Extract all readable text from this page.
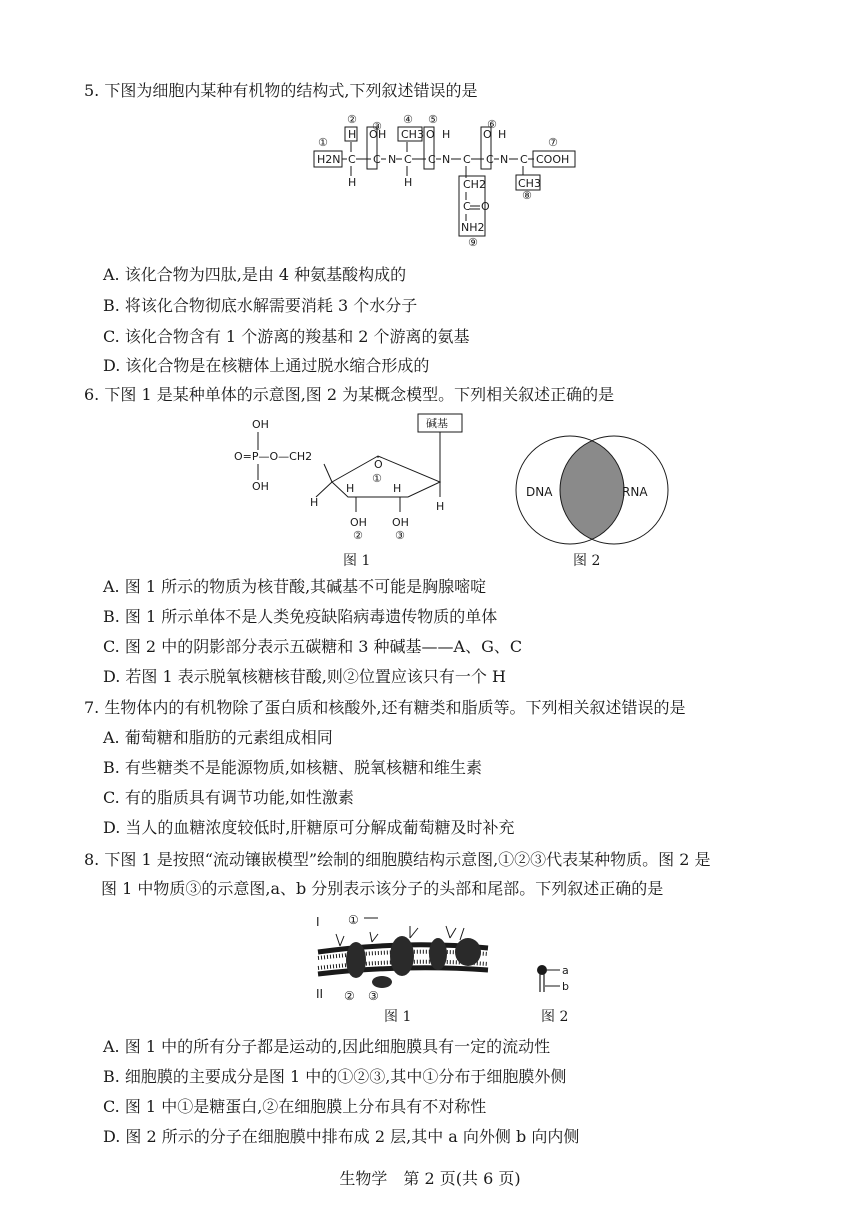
5. 下图为细胞内某种有机物的结构式,下列叙述错误的是
①
②
③
④ ⑤	⑥
⑦
⑧
⑨
H2N C C N C C N C C N C COOH
H O H CH3 O H	O H
H	H	CH3
CH2
C O
NH2
A. 该化合物为四肽,是由 4 种氨基酸构成的
B. 将该化合物彻底水解需要消耗 3 个水分子
C. 该化合物含有 1 个游离的羧基和 2 个游离的氨基
D. 该化合物是在核糖体上通过脱水缩合形成的
6. 下图 1 是某种单体的示意图,图 2 为某概念模型。下列相关叙述正确的是
OH
O=P—O—CH2
OH
碱基
O
①
H
H	H
H
OH OH
②	③
DNA	RNA
图 1	图 2
A. 图 1 所示的物质为核苷酸,其碱基不可能是胸腺嘧啶
B. 图 1 所示单体不是人类免疫缺陷病毒遗传物质的单体
C. 图 2 中的阴影部分表示五碳糖和 3 种碱基——A、G、C
D. 若图 1 表示脱氧核糖核苷酸,则②位置应该只有一个 H
7. 生物体内的有机物除了蛋白质和核酸外,还有糖类和脂质等。下列相关叙述错误的是
A. 葡萄糖和脂肪的元素组成相同
B. 有些糖类不是能源物质,如核糖、脱氧核糖和维生素
C. 有的脂质具有调节功能,如性激素
D. 当人的血糖浓度较低时,肝糖原可分解成葡萄糖及时补充
8. 下图 1 是按照“流动镶嵌模型”绘制的细胞膜结构示意图,①②③代表某种物质。图 2 是
图 1 中物质③的示意图,a、b 分别表示该分子的头部和尾部。下列叙述正确的是
I
II
①
② ③
a
b
图 1	图 2
A. 图 1 中的所有分子都是运动的,因此细胞膜具有一定的流动性
B. 细胞膜的主要成分是图 1 中的①②③,其中①分布于细胞膜外侧
C. 图 1 中①是糖蛋白,②在细胞膜上分布具有不对称性
D. 图 2 所示的分子在细胞膜中排布成 2 层,其中 a 向外侧 b 向内侧
生物学　第 2 页(共 6 页)
